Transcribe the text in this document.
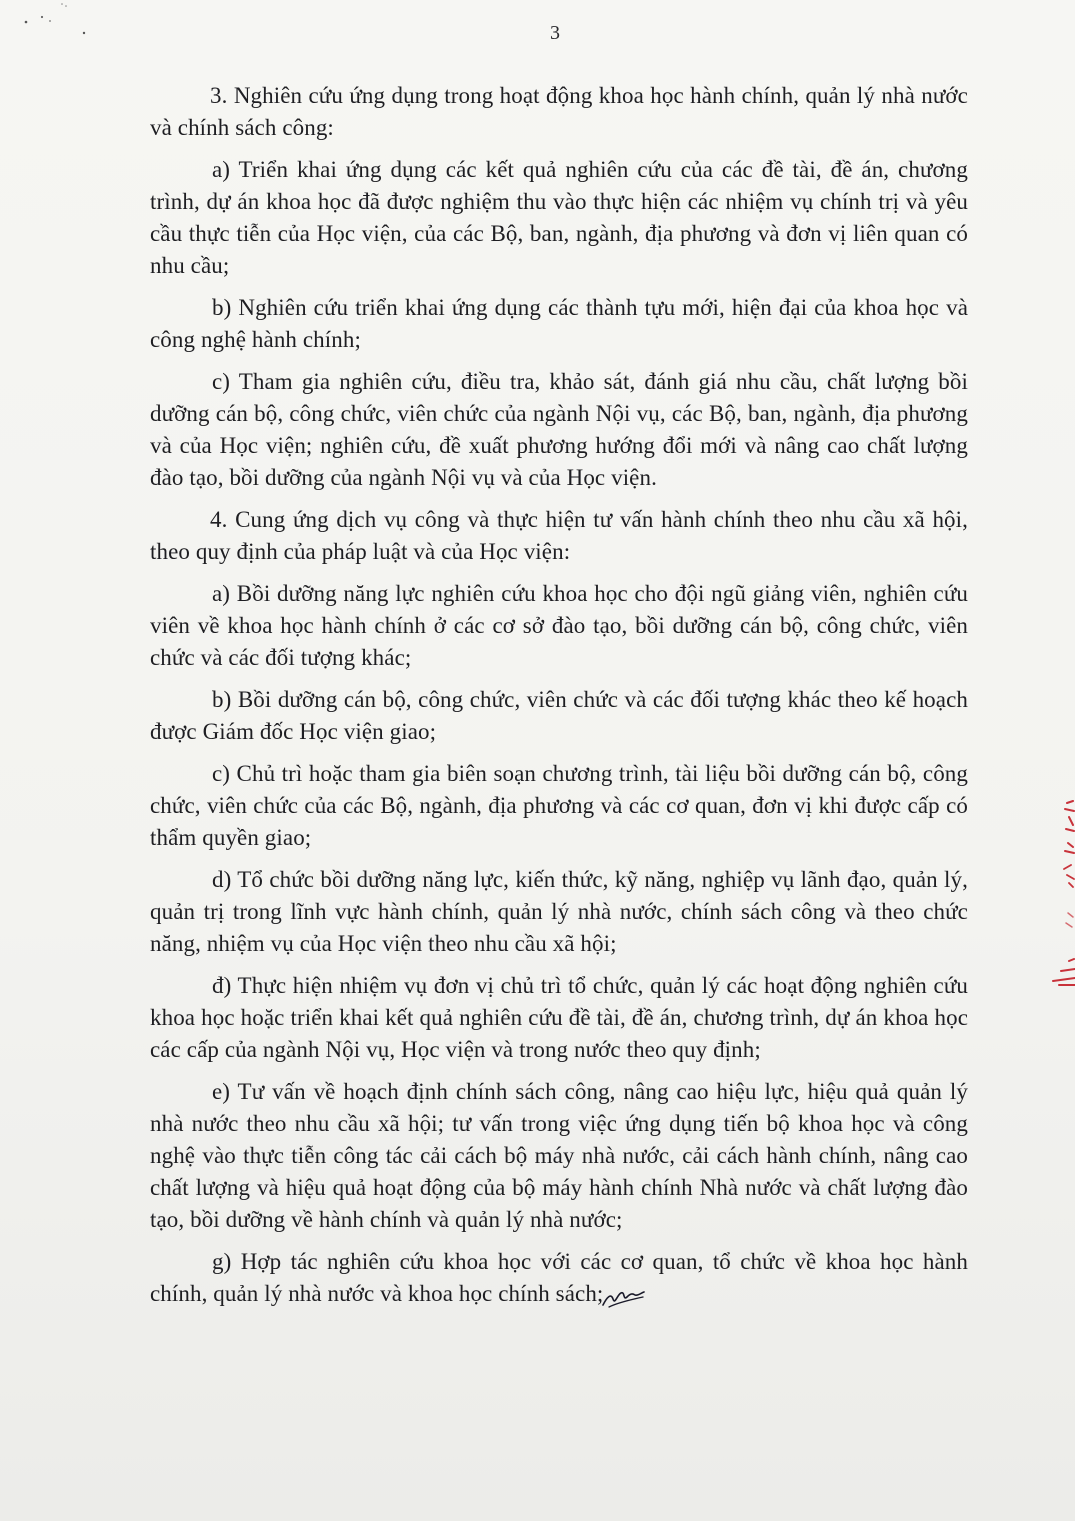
3

3. Nghiên cứu ứng dụng trong hoạt động khoa học hành chính, quản lý nhà nước và chính sách công:

a) Triển khai ứng dụng các kết quả nghiên cứu của các đề tài, đề án, chương trình, dự án khoa học đã được nghiệm thu vào thực hiện các nhiệm vụ chính trị và yêu cầu thực tiễn của Học viện, của các Bộ, ban, ngành, địa phương và đơn vị liên quan có nhu cầu;

b) Nghiên cứu triển khai ứng dụng các thành tựu mới, hiện đại của khoa học và công nghệ hành chính;

c) Tham gia nghiên cứu, điều tra, khảo sát, đánh giá nhu cầu, chất lượng bồi dưỡng cán bộ, công chức, viên chức của ngành Nội vụ, các Bộ, ban, ngành, địa phương và của Học viện; nghiên cứu, đề xuất phương hướng đổi mới và nâng cao chất lượng đào tạo, bồi dưỡng của ngành Nội vụ và của Học viện.

4. Cung ứng dịch vụ công và thực hiện tư vấn hành chính theo nhu cầu xã hội, theo quy định của pháp luật và của Học viện:

a) Bồi dưỡng năng lực nghiên cứu khoa học cho đội ngũ giảng viên, nghiên cứu viên về khoa học hành chính ở các cơ sở đào tạo, bồi dưỡng cán bộ, công chức, viên chức và các đối tượng khác;

b) Bồi dưỡng cán bộ, công chức, viên chức và các đối tượng khác theo kế hoạch được Giám đốc Học viện giao;

c) Chủ trì hoặc tham gia biên soạn chương trình, tài liệu bồi dưỡng cán bộ, công chức, viên chức của các Bộ, ngành, địa phương và các cơ quan, đơn vị khi được cấp có thẩm quyền giao;

d) Tổ chức bồi dưỡng năng lực, kiến thức, kỹ năng, nghiệp vụ lãnh đạo, quản lý, quản trị trong lĩnh vực hành chính, quản lý nhà nước, chính sách công và theo chức năng, nhiệm vụ của Học viện theo nhu cầu xã hội;

đ) Thực hiện nhiệm vụ đơn vị chủ trì tổ chức, quản lý các hoạt động nghiên cứu khoa học hoặc triển khai kết quả nghiên cứu đề tài, đề án, chương trình, dự án khoa học các cấp của ngành Nội vụ, Học viện và trong nước theo quy định;

e) Tư vấn về hoạch định chính sách công, nâng cao hiệu lực, hiệu quả quản lý nhà nước theo nhu cầu xã hội; tư vấn trong việc ứng dụng tiến bộ khoa học và công nghệ vào thực tiễn công tác cải cách bộ máy nhà nước, cải cách hành chính, nâng cao chất lượng và hiệu quả hoạt động của bộ máy hành chính Nhà nước và chất lượng đào tạo, bồi dưỡng về hành chính và quản lý nhà nước;

g) Hợp tác nghiên cứu khoa học với các cơ quan, tổ chức về khoa học hành chính, quản lý nhà nước và khoa học chính sách;
